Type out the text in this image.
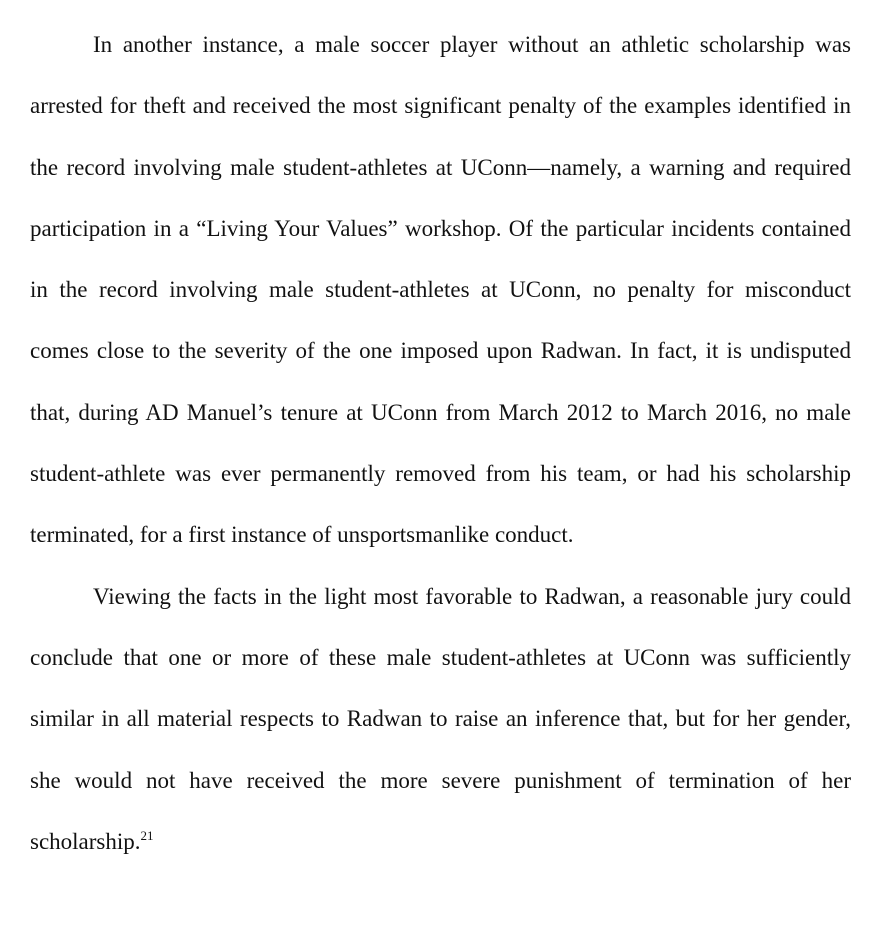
In another instance, a male soccer player without an athletic scholarship was arrested for theft and received the most significant penalty of the examples identified in the record involving male student-athletes at UConn—namely, a warning and required participation in a “Living Your Values” workshop. Of the particular incidents contained in the record involving male student-athletes at UConn, no penalty for misconduct comes close to the severity of the one imposed upon Radwan. In fact, it is undisputed that, during AD Manuel’s tenure at UConn from March 2012 to March 2016, no male student-athlete was ever permanently removed from his team, or had his scholarship terminated, for a first instance of unsportsmanlike conduct.

Viewing the facts in the light most favorable to Radwan, a reasonable jury could conclude that one or more of these male student-athletes at UConn was sufficiently similar in all material respects to Radwan to raise an inference that, but for her gender, she would not have received the more severe punishment of termination of her scholarship.$^{21}$
